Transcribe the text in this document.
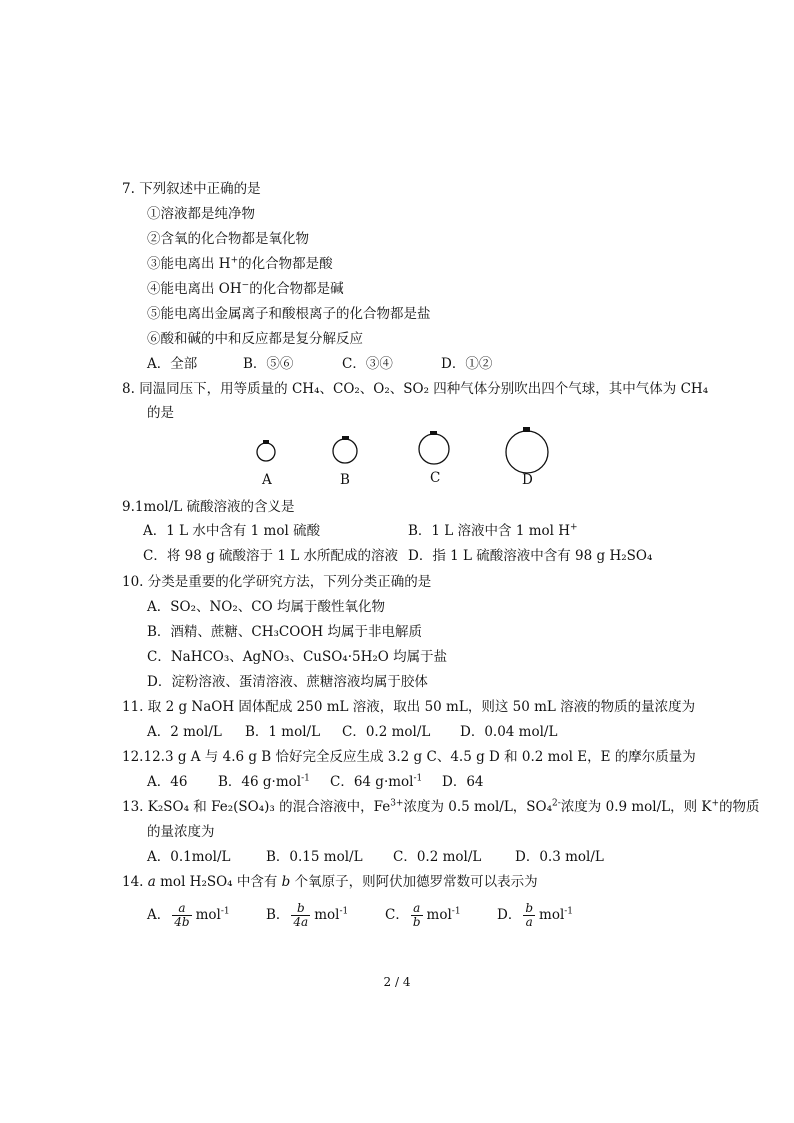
7. 下列叙述中正确的是
①溶液都是纯净物
②含氧的化合物都是氧化物
③能电离出 H+的化合物都是酸
④能电离出 OH−的化合物都是碱
⑤能电离出金属离子和酸根离子的化合物都是盐
⑥酸和碱的中和反应都是复分解反应
A．全部	B．⑤⑥	C．③④	D．①②
8. 同温同压下，用等质量的 CH₄、CO₂、O₂、SO₂ 四种气体分别吹出四个气球，其中气体为 CH₄
的是
A	B	C	D
9.1mol/L 硫酸溶液的含义是
A．1 L 水中含有 1 mol 硫酸	B．1 L 溶液中含 1 mol H+
C．将 98 g 硫酸溶于 1 L 水所配成的溶液 D．指 1 L 硫酸溶液中含有 98 g H₂SO₄
10. 分类是重要的化学研究方法，下列分类正确的是
A．SO₂、NO₂、CO 均属于酸性氧化物
B．酒精、蔗糖、CH₃COOH 均属于非电解质
C．NaHCO₃、AgNO₃、CuSO₄·5H₂O 均属于盐
D．淀粉溶液、蛋清溶液、蔗糖溶液均属于胶体
11. 取 2 g NaOH 固体配成 250 mL 溶液，取出 50 mL，则这 50 mL 溶液的物质的量浓度为
A．2 mol/L B．1 mol/L C．0.2 mol/L D．0.04 mol/L
12.12.3 g A 与 4.6 g B 恰好完全反应生成 3.2 g C、4.5 g D 和 0.2 mol E，E 的摩尔质量为
A．46 B．46 g·mol$^{-1}$ C．64 g·mol$^{-1}$ D．64
13. K₂SO₄ 和 Fe₂(SO₄)₃ 的混合溶液中，$Fe^{3+}$浓度为 0.5 mol/L，SO₄$^{2-}$浓度为 0.9 mol/L，则 K+的物质
的量浓度为
A．0.1mol/L	B．0.15 mol/L C．0.2 mol/L D．0.3 mol/L
14. a mol H₂SO₄ 中含有 b 个氧原子，则阿伏加德罗常数可以表示为
A． $\frac{a}{4b} mol^{-1}$	B． $\frac{b}{4a} mol^{-1}$	C． $\frac{a}{b} mol^{-1}$	D． $\frac{b}{a} mol^{-1}$
2 / 4
